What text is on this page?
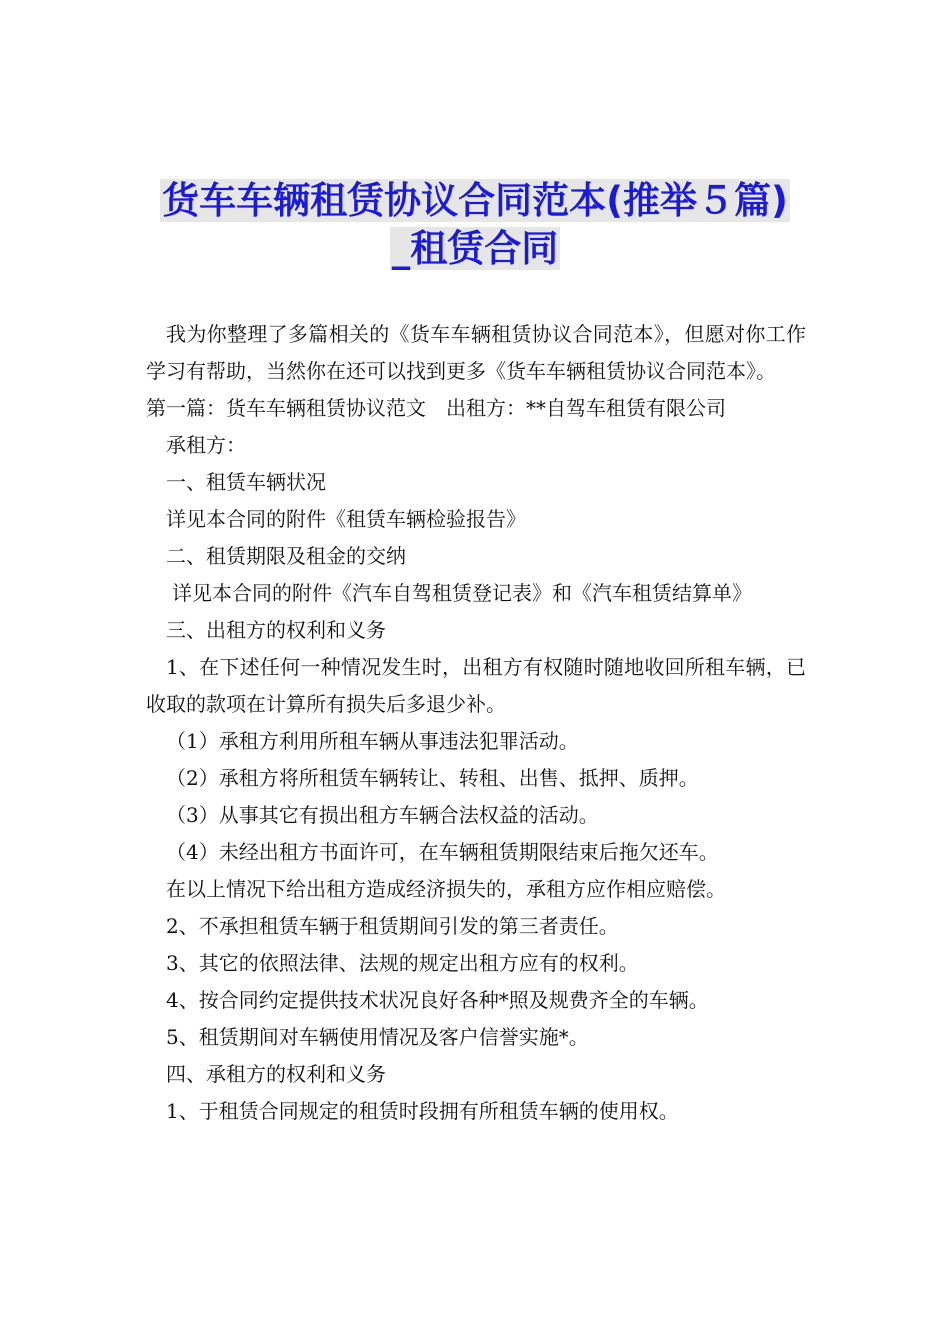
货车车辆租赁协议合同范本(推举５篇)
_租赁合同

我为你整理了多篇相关的《货车车辆租赁协议合同范本》，但愿对你工作学习有帮助，当然你在还可以找到更多《货车车辆租赁协议合同范本》。

第一篇：货车车辆租赁协议范文　出租方：**自驾车租赁有限公司

承租方：

一、租赁车辆状况

详见本合同的附件《租赁车辆检验报告》

二、租赁期限及租金的交纳

详见本合同的附件《汽车自驾租赁登记表》和《汽车租赁结算单》

三、出租方的权利和义务

1、在下述任何一种情况发生时，出租方有权随时随地收回所租车辆，已收取的款项在计算所有损失后多退少补。

（1）承租方利用所租车辆从事违法犯罪活动。

（2）承租方将所租赁车辆转让、转租、出售、抵押、质押。

（3）从事其它有损出租方车辆合法权益的活动。

（4）未经出租方书面许可，在车辆租赁期限结束后拖欠还车。

在以上情况下给出租方造成经济损失的，承租方应作相应赔偿。

2、不承担租赁车辆于租赁期间引发的第三者责任。

3、其它的依照法律、法规的规定出租方应有的权利。

4、按合同约定提供技术状况良好各种*照及规费齐全的车辆。

5、租赁期间对车辆使用情况及客户信誉实施*。

四、承租方的权利和义务

1、于租赁合同规定的租赁时段拥有所租赁车辆的使用权。
